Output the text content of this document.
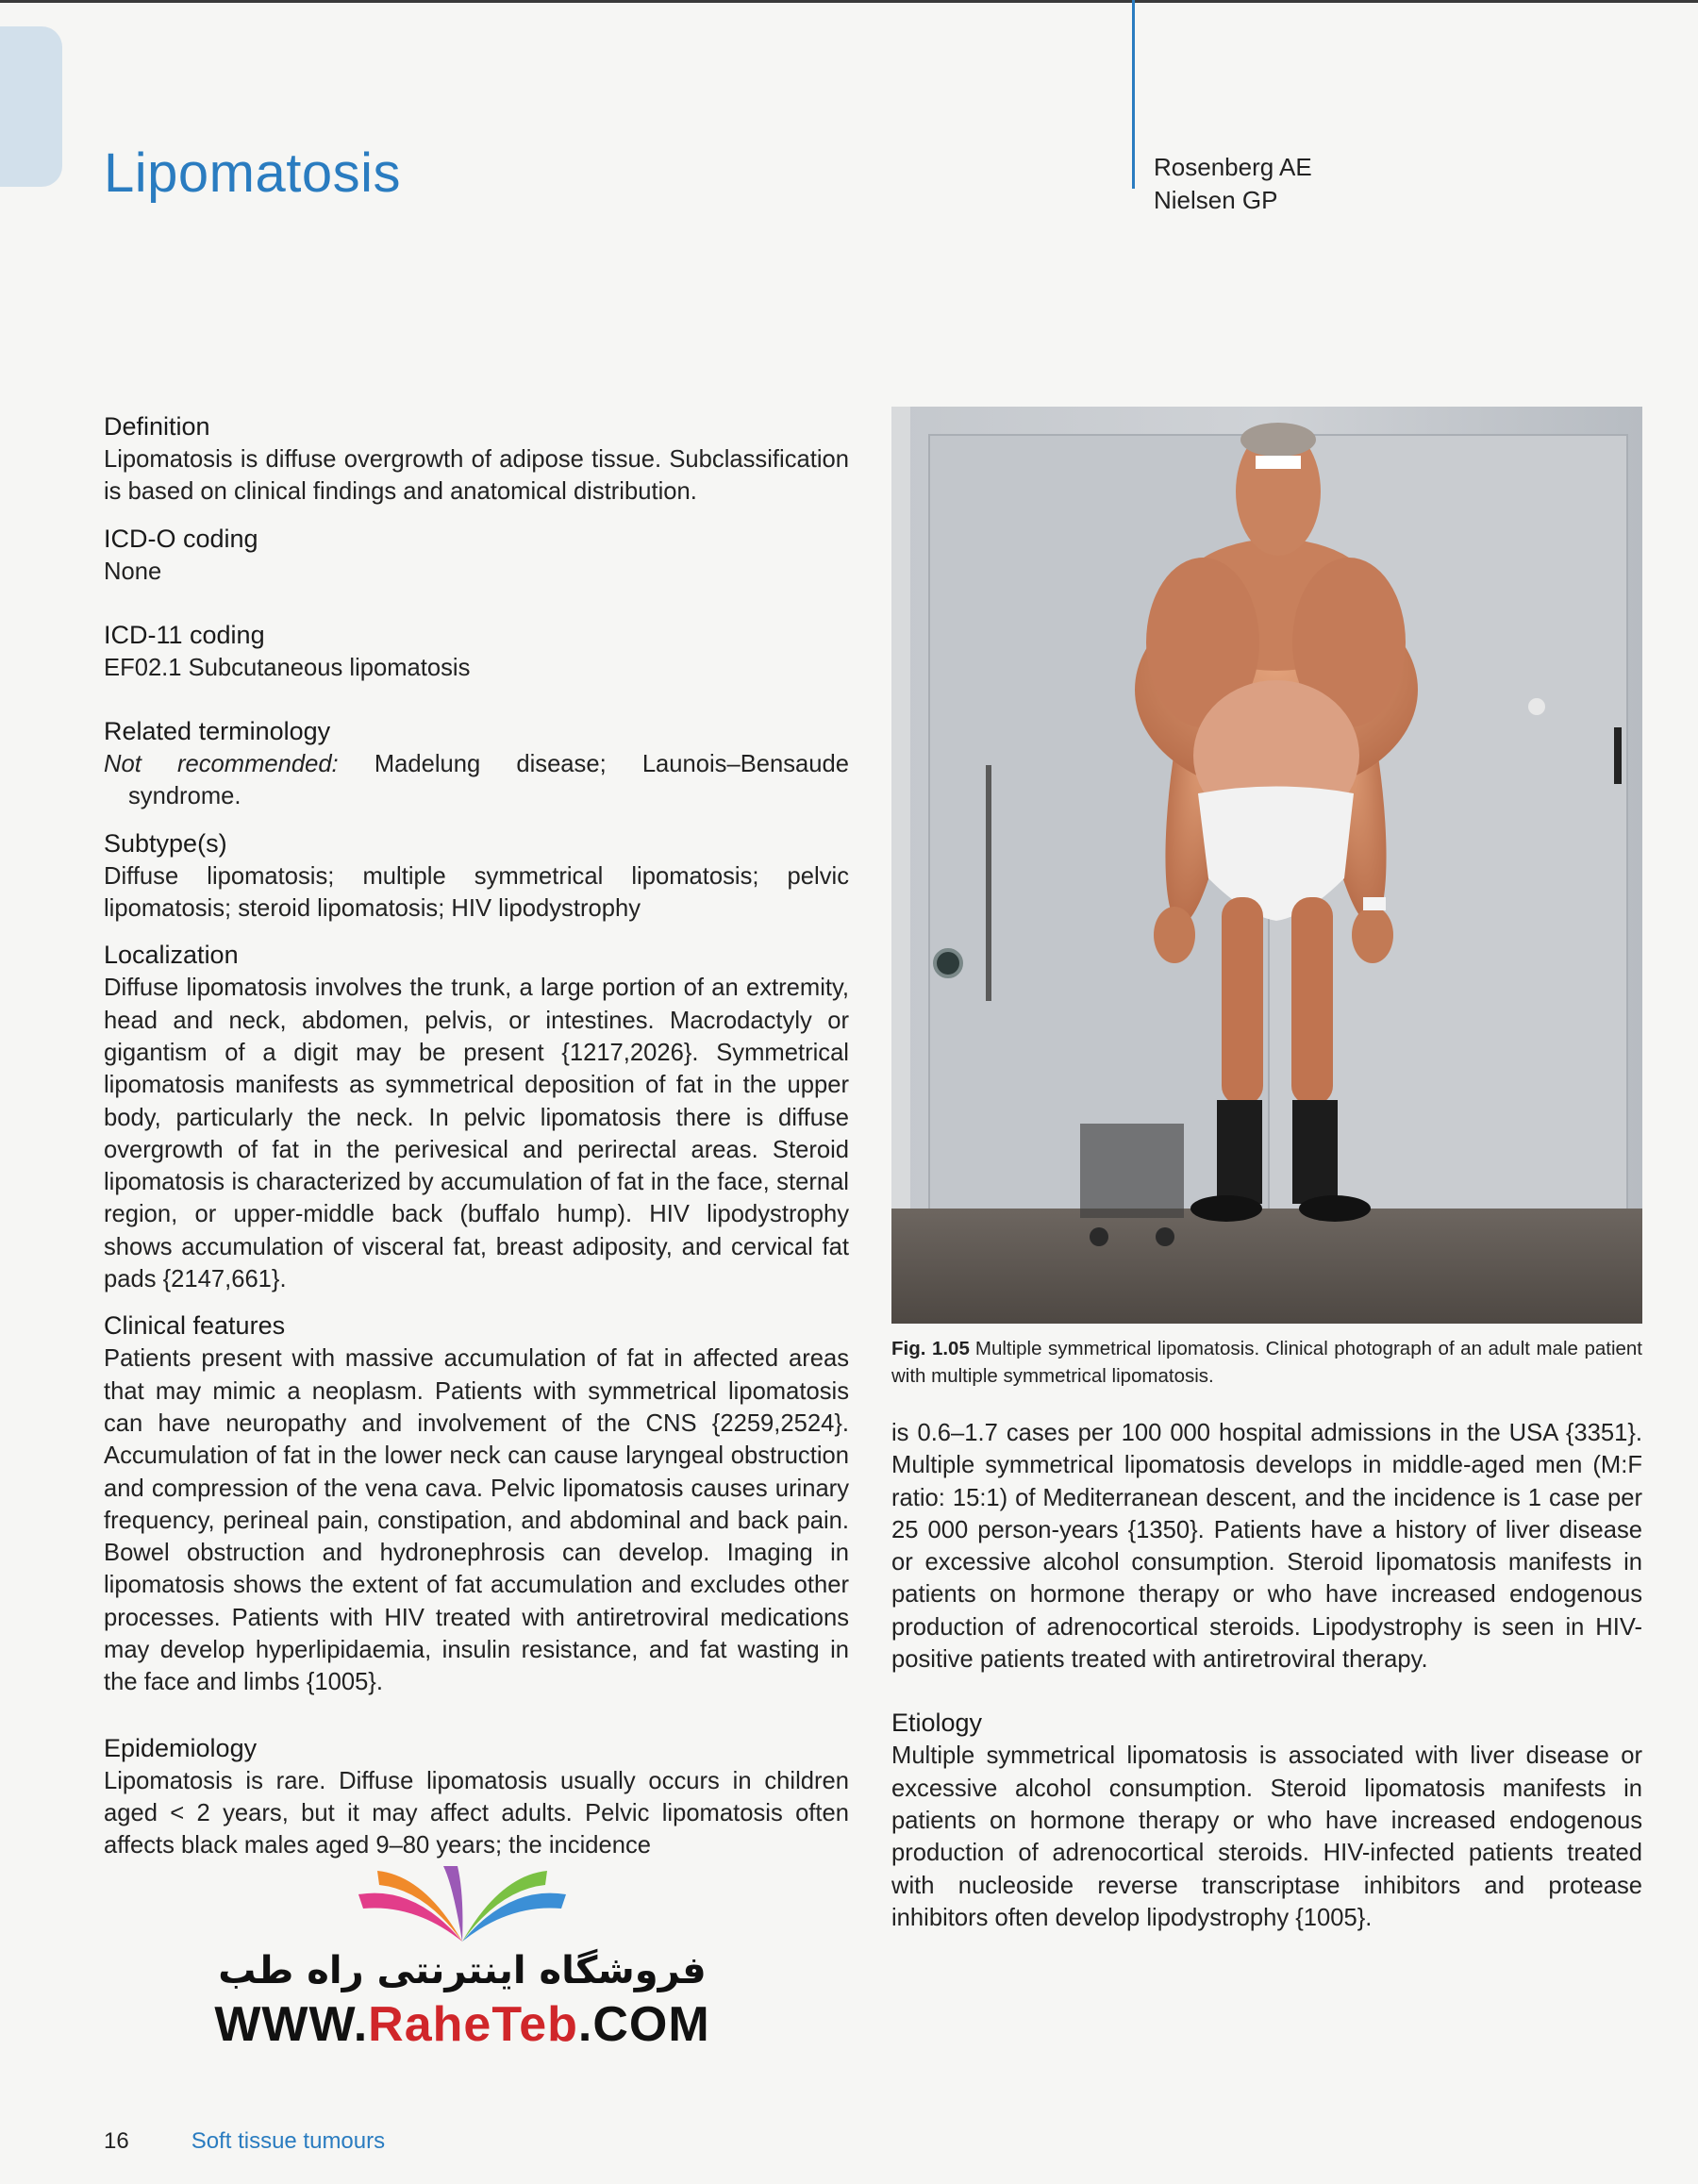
Lipomatosis	Rosenberg AE
Nielsen GP
Definition

Lipomatosis is diffuse overgrowth of adipose tissue. Subclassification is based on clinical findings and anatomical distribution.

ICD-O coding

None

ICD-11 coding

EF02.1 Subcutaneous lipomatosis

Related terminology

Not recommended: Madelung disease; Launois–Bensaude syndrome.

Subtype(s)

Diffuse lipomatosis; multiple symmetrical lipomatosis; pelvic lipomatosis; steroid lipomatosis; HIV lipodystrophy

Localization

Diffuse lipomatosis involves the trunk, a large portion of an extremity, head and neck, abdomen, pelvis, or intestines. Macrodactyly or gigantism of a digit may be present {1217,2026}. Symmetrical lipomatosis manifests as symmetrical deposition of fat in the upper body, particularly the neck. In pelvic lipomatosis there is diffuse overgrowth of fat in the perivesical and perirectal areas. Steroid lipomatosis is characterized by accumulation of fat in the face, sternal region, or upper-middle back (buffalo hump). HIV lipodystrophy shows accumulation of visceral fat, breast adiposity, and cervical fat pads {2147,661}.

Clinical features

Patients present with massive accumulation of fat in affected areas that may mimic a neoplasm. Patients with symmetrical lipomatosis can have neuropathy and involvement of the CNS {2259,2524}. Accumulation of fat in the lower neck can cause laryngeal obstruction and compression of the vena cava. Pelvic lipomatosis causes urinary frequency, perineal pain, constipation, and abdominal and back pain. Bowel obstruction and hydronephrosis can develop. Imaging in lipomatosis shows the extent of fat accumulation and excludes other processes. Patients with HIV treated with antiretroviral medications may develop hyperlipidaemia, insulin resistance, and fat wasting in the face and limbs {1005}.

Epidemiology

Lipomatosis is rare. Diffuse lipomatosis usually occurs in children aged < 2 years, but it may affect adults. Pelvic lipomatosis often affects black males aged 9–80 years; the incidence

Fig. 1.05 Multiple symmetrical lipomatosis. Clinical photograph of an adult male patient with multiple symmetrical lipomatosis.

is 0.6–1.7 cases per 100 000 hospital admissions in the USA {3351}. Multiple symmetrical lipomatosis develops in middle-aged men (M:F ratio: 15:1) of Mediterranean descent, and the incidence is 1 case per 25 000 person-years {1350}. Patients have a history of liver disease or excessive alcohol consumption. Steroid lipomatosis manifests in patients on hormone therapy or who have increased endogenous production of adrenocortical steroids. Lipodystrophy is seen in HIV-positive patients treated with antiretroviral therapy.

Etiology

Multiple symmetrical lipomatosis is associated with liver disease or excessive alcohol consumption. Steroid lipomatosis manifests in patients on hormone therapy or who have increased endogenous production of adrenocortical steroids. HIV-infected patients treated with nucleoside reverse transcriptase inhibitors and protease inhibitors often develop lipodystrophy {1005}.

فروشگاه اینترنتی راه طب
WWW.RaheTeb.COM
16	Soft tissue tumours
